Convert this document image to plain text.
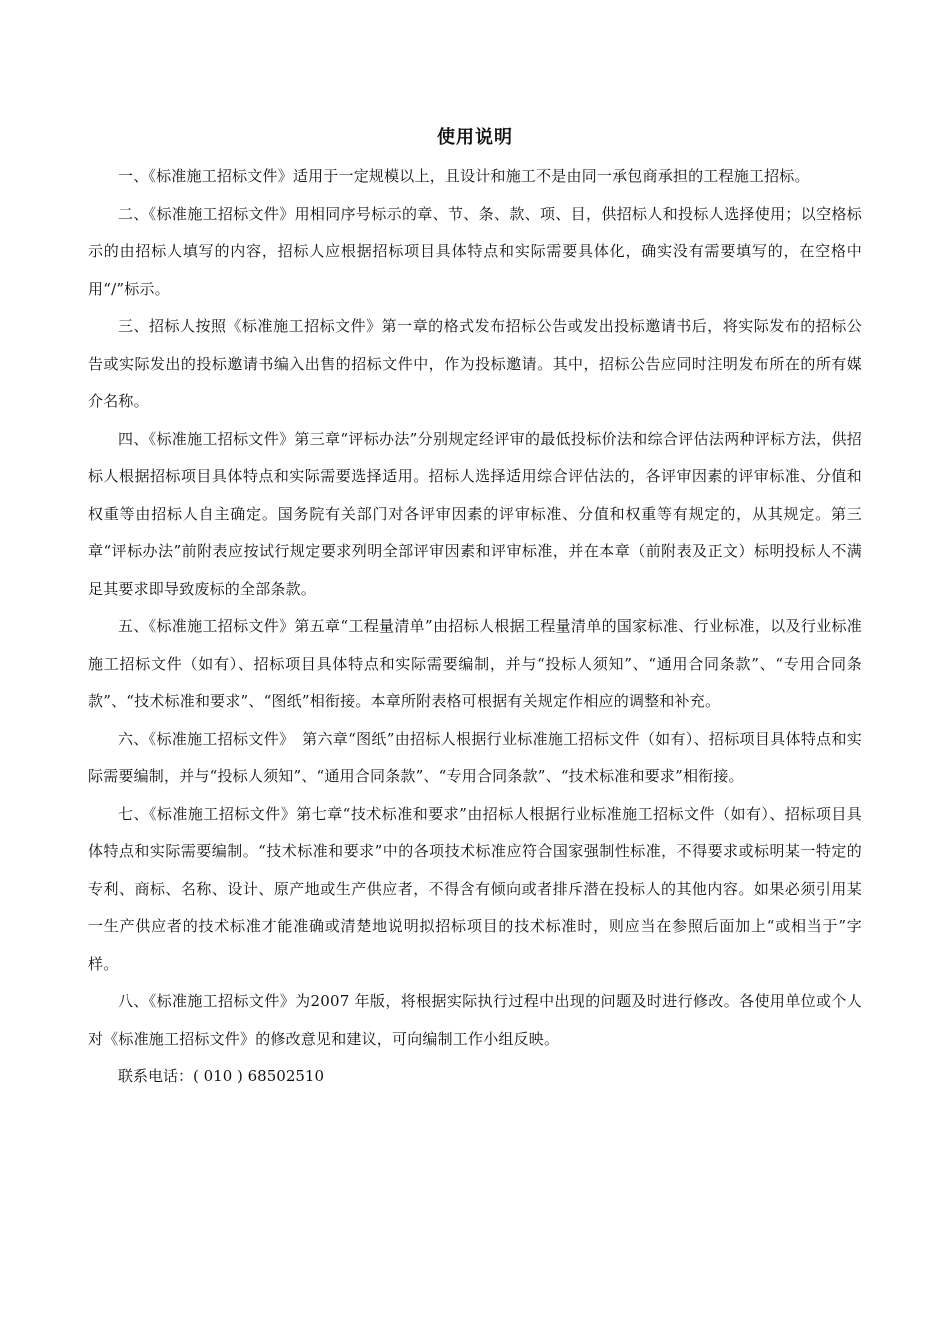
使用说明

一、《标准施工招标文件》适用于一定规模以上，且设计和施工不是由同一承包商承担的工程施工招标。

二、《标准施工招标文件》用相同序号标示的章、节、条、款、项、目，供招标人和投标人选择使用；以空格标示的由招标人填写的内容，招标人应根据招标项目具体特点和实际需要具体化，确实没有需要填写的，在空格中用“/”标示。

三、招标人按照《标准施工招标文件》第一章的格式发布招标公告或发出投标邀请书后，将实际发布的招标公告或实际发出的投标邀请书编入出售的招标文件中，作为投标邀请。其中，招标公告应同时注明发布所在的所有媒介名称。

四、《标准施工招标文件》第三章“评标办法”分别规定经评审的最低投标价法和综合评估法两种评标方法，供招标人根据招标项目具体特点和实际需要选择适用。招标人选择适用综合评估法的，各评审因素的评审标准、分值和权重等由招标人自主确定。国务院有关部门对各评审因素的评审标准、分值和权重等有规定的，从其规定。第三章“评标办法”前附表应按试行规定要求列明全部评审因素和评审标准，并在本章（前附表及正文）标明投标人不满足其要求即导致废标的全部条款。

五、《标准施工招标文件》第五章“工程量清单”由招标人根据工程量清单的国家标准、行业标准，以及行业标准施工招标文件（如有）、招标项目具体特点和实际需要编制，并与“投标人须知”、“通用合同条款”、“专用合同条款”、“技术标准和要求”、“图纸”相衔接。本章所附表格可根据有关规定作相应的调整和补充。

六、《标准施工招标文件》　第六章“图纸”由招标人根据行业标准施工招标文件（如有）、招标项目具体特点和实际需要编制，并与“投标人须知”、“通用合同条款”、“专用合同条款”、“技术标准和要求”相衔接。

七、《标准施工招标文件》第七章“技术标准和要求”由招标人根据行业标准施工招标文件（如有）、招标项目具体特点和实际需要编制。“技术标准和要求”中的各项技术标准应符合国家强制性标准，不得要求或标明某一特定的专利、商标、名称、设计、原产地或生产供应者，不得含有倾向或者排斥潜在投标人的其他内容。如果必须引用某一生产供应者的技术标准才能准确或清楚地说明拟招标项目的技术标准时，则应当在参照后面加上“或相当于”字样。

八、《标准施工招标文件》为2007 年版，将根据实际执行过程中出现的问题及时进行修改。各使用单位或个人对《标准施工招标文件》的修改意见和建议，可向编制工作小组反映。

联系电话：( 010 ) 68502510
